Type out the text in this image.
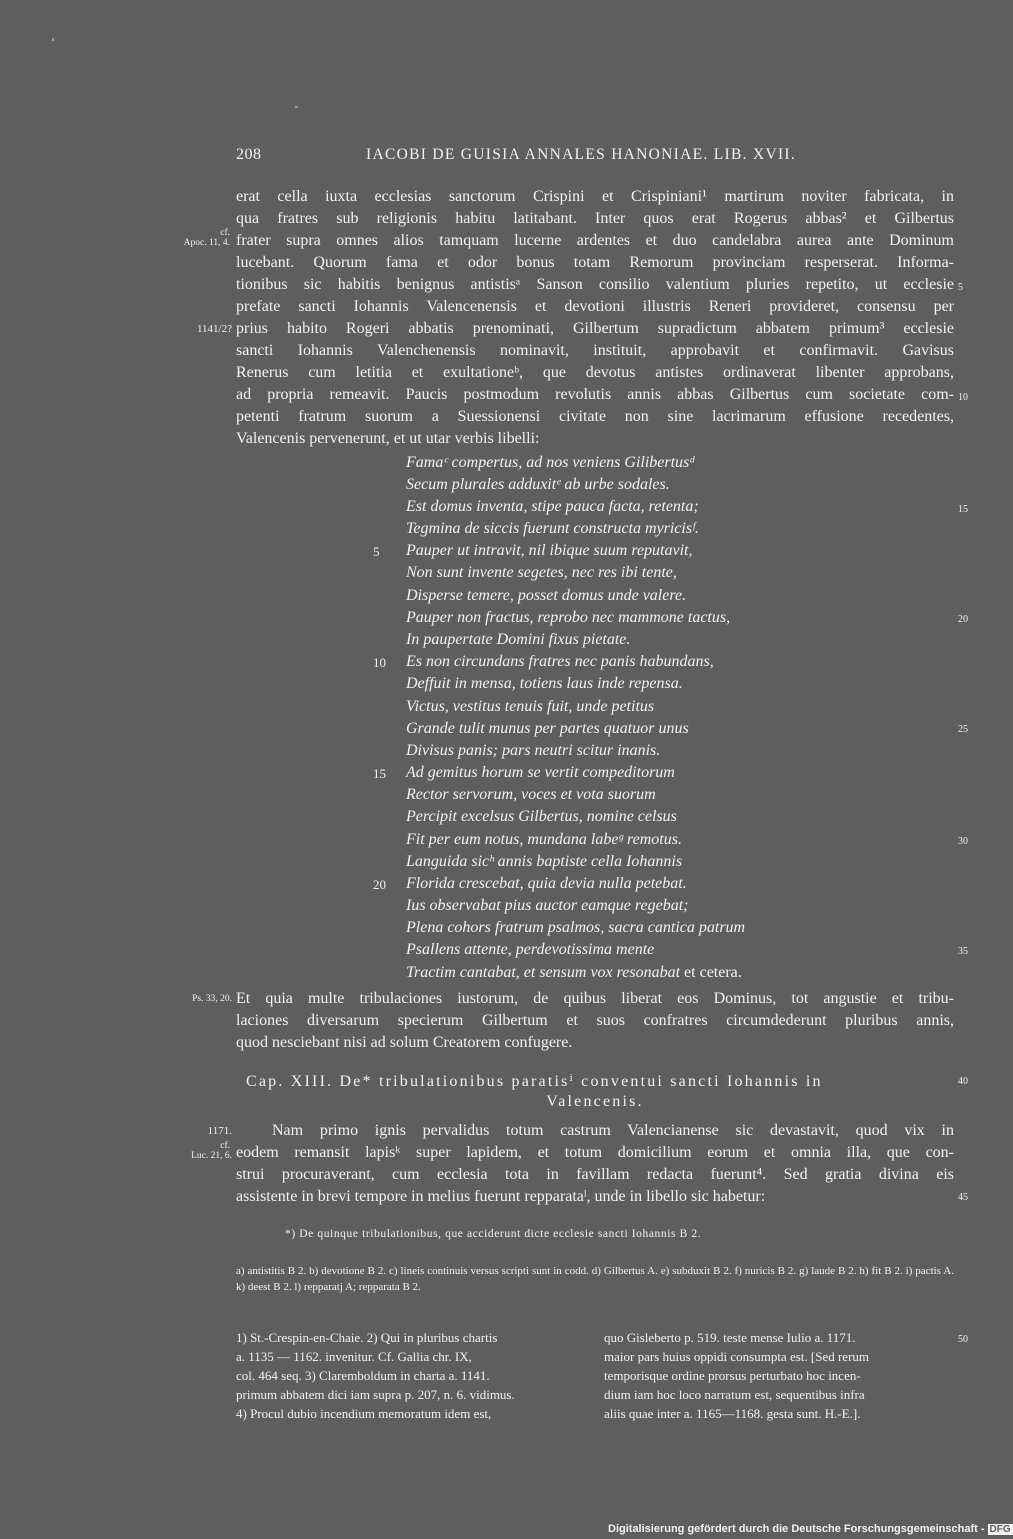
208	IACOBI DE GUISIA ANNALES HANONIAE. LIB. XVII.
erat cella iuxta ecclesias sanctorum Crispini et Crispiniani¹ martirum noviter fabricata, in
qua fratres sub religionis habitu latitabant. Inter quos erat Rogerus abbas² et Gilbertus
frater supra omnes alios tamquam lucerne ardentes et duo candelabra aurea ante Dominum
lucebant. Quorum fama et odor bonus totam Remorum provinciam resperserat. Informa-
tionibus sic habitis benignus antistisᵃ Sanson consilio valentium pluries repetito, ut ecclesie
prefate sancti Iohannis Valencenensis et devotioni illustris Reneri provideret, consensu per
prius habito Rogeri abbatis prenominati, Gilbertum supradictum abbatem primum³ ecclesie
sancti Iohannis Valenchenensis nominavit, instituit, approbavit et confirmavit. Gavisus
Renerus cum letitia et exultationeᵇ, que devotus antistes ordinaverat libenter approbans,
ad propria remeavit. Paucis postmodum revolutis annis abbas Gilbertus cum societate com-
petenti fratrum suorum a Suessionensi civitate non sine lacrimarum effusione recedentes,
Valencenis pervenerunt, et ut utar verbis libelli:
cf.
Apoc. 11, 4.
1141/2?
Ps. 33, 20.
1171.
cf.
Luc. 21, 6.
5
10
15
20
25
30
35
40
45
50
5
10
15
20
Famaᶜ compertus, ad nos veniens Gilibertusᵈ
Secum plurales adduxitᵉ ab urbe sodales.
Est domus inventa, stipe pauca facta, retenta;
Tegmina de siccis fuerunt constructa myricisᶠ.
Pauper ut intravit, nil ibique suum reputavit,
Non sunt invente segetes, nec res ibi tente,
Disperse temere, posset domus unde valere.
Pauper non fractus, reprobo nec mammone tactus,
In paupertate Domini fixus pietate.
Es non circundans fratres nec panis habundans,
Deffuit in mensa, totiens laus inde repensa.
Victus, vestitus tenuis fuit, unde petitus
Grande tulit munus per partes quatuor unus
Divisus panis; pars neutri scitur inanis.
Ad gemitus horum se vertit compeditorum
Rector servorum, voces et vota suorum
Percipit excelsus Gilbertus, nomine celsus
Fit per eum notus, mundana labeᵍ remotus.
Languida sicʰ annis baptiste cella Iohannis
Florida crescebat, quia devia nulla petebat.
Ius observabat pius auctor eamque regebat;
Plena cohors fratrum psalmos, sacra cantica patrum
Psallens attente, perdevotissima mente
Tractim cantabat, et sensum vox resonabat et cetera.
Et quia multe tribulaciones iustorum, de quibus liberat eos Dominus, tot angustie et tribu-
laciones diversarum specierum Gilbertum et suos confratres circumdederunt pluribus annis,
quod nesciebant nisi ad solum Creatorem confugere.
Cap. XIII. De* tribulationibus paratisⁱ conventui sancti Iohannis in
Valencenis.
Nam primo ignis pervalidus totum castrum Valencianense sic devastavit, quod vix in
eodem remansit lapisᵏ super lapidem, et totum domicilium eorum et omnia illa, que con-
strui procuraverant, cum ecclesia tota in favillam redacta fuerunt⁴. Sed gratia divina eis
assistente in brevi tempore in melius fuerunt repparataˡ, unde in libello sic habetur:
*) De quinque tribulationibus, que acciderunt dicte ecclesie sancti Iohannis B 2.
a) antistitis B 2. b) devotione B 2. c) lineis continuis versus scripti sunt in codd. d) Gilbertus A. e) subduxit B 2. f) nuricis B 2. g) laude B 2. h) fit B 2. i) pactis A. k) deest B 2. l) repparatj A; repparata B 2.
1) St.-Crespin-en-Chaie. 2) Qui in pluribus chartis
a. 1135 — 1162. invenitur. Cf. Gallia chr. IX,
col. 464 seq. 3) Claremboldum in charta a. 1141.
primum abbatem dici iam supra p. 207, n. 6. vidimus.
4) Procul dubio incendium memoratum idem est,
quo Gisleberto p. 519. teste mense Iulio a. 1171.
maior pars huius oppidi consumpta est. [Sed rerum
temporisque ordine prorsus perturbato hoc incen-
dium iam hoc loco narratum est, sequentibus infra
aliis quae inter a. 1165—1168. gesta sunt. H.-E.].
Digitalisierung gefördert durch die Deutsche Forschungsgemeinschaft - DFG
